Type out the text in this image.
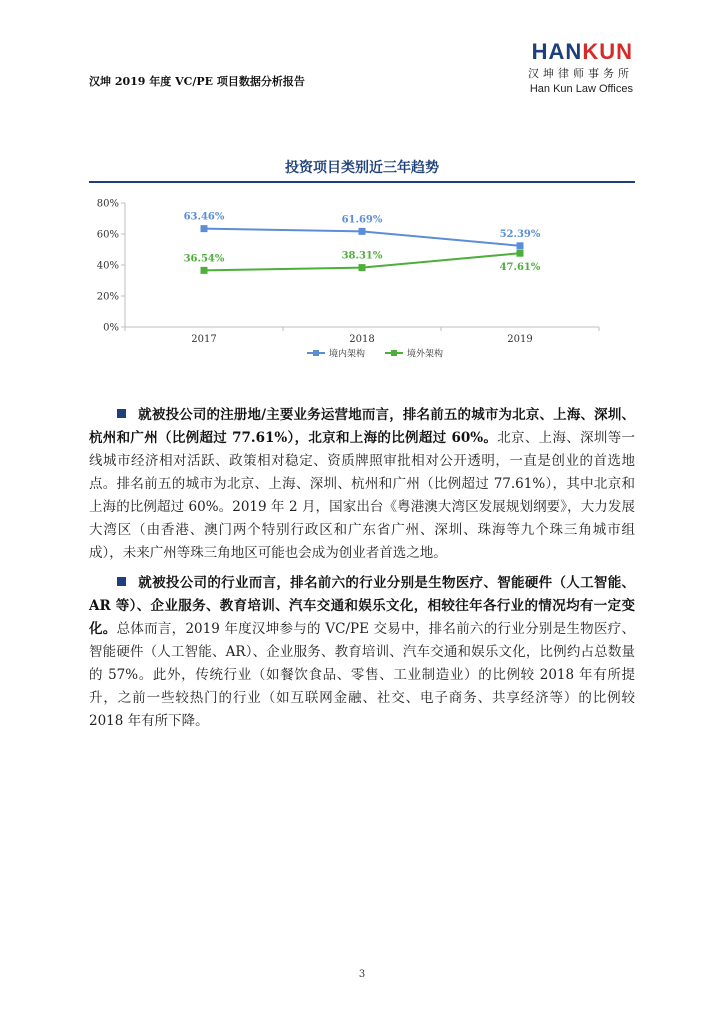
汉坤 2019 年度 VC/PE 项目数据分析报告
HANKUN
汉坤律师事务所
Han Kun Law Offices
投资项目类别近三年趋势
0%
20%
40%
60%
80%
2017	2018	2019
63.46%	61.69%
52.39%
36.54%	38.31%
47.61%
境内架构	境外架构
就被投公司的注册地/主要业务运营地而言，排名前五的城市为北京、上海、深圳、杭州和广州（比例超过 77.61%），北京和上海的比例超过 60%。北京、上海、深圳等一线城市经济相对活跃、政策相对稳定、资质牌照审批相对公开透明，一直是创业的首选地点。排名前五的城市为北京、上海、深圳、杭州和广州（比例超过 77.61%），其中北京和上海的比例超过 60%。2019 年 2 月，国家出台《粤港澳大湾区发展规划纲要》，大力发展大湾区（由香港、澳门两个特别行政区和广东省广州、深圳、珠海等九个珠三角城市组成），未来广州等珠三角地区可能也会成为创业者首选之地。
就被投公司的行业而言，排名前六的行业分别是生物医疗、智能硬件（人工智能、AR 等）、企业服务、教育培训、汽车交通和娱乐文化，相较往年各行业的情况均有一定变化。总体而言，2019 年度汉坤参与的 VC/PE 交易中，排名前六的行业分别是生物医疗、智能硬件（人工智能、AR）、企业服务、教育培训、汽车交通和娱乐文化，比例约占总数量的 57%。此外，传统行业（如餐饮食品、零售、工业制造业）的比例较 2018 年有所提升，之前一些较热门的行业（如互联网金融、社交、电子商务、共享经济等）的比例较 2018 年有所下降。
3
